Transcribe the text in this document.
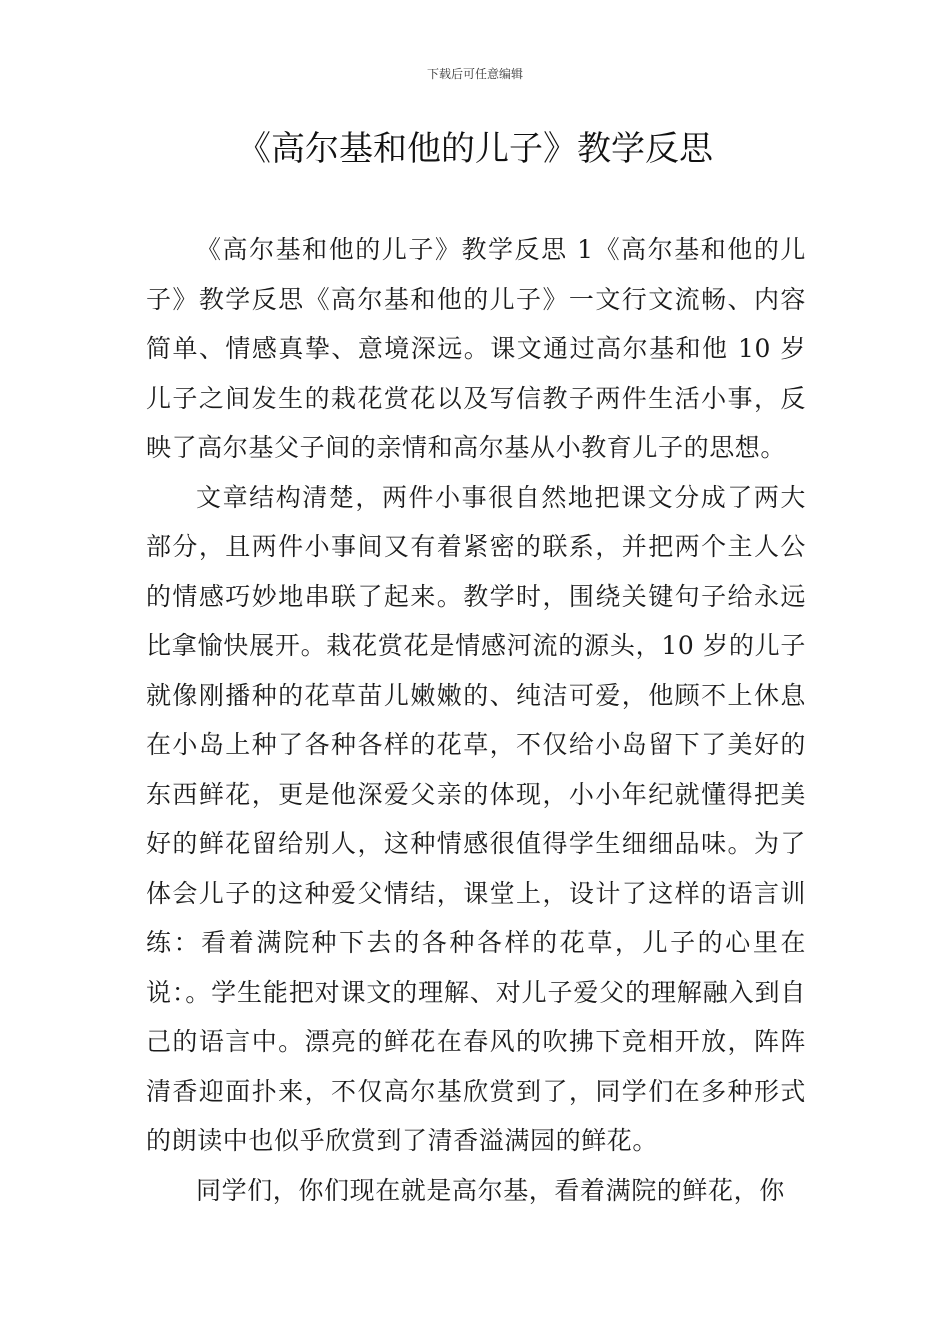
下载后可任意编辑
《高尔基和他的儿子》教学反思

《高尔基和他的儿子》教学反思 1《高尔基和他的儿子》教学反思《高尔基和他的儿子》一文行文流畅、内容简单、情感真挚、意境深远。课文通过高尔基和他 10 岁儿子之间发生的栽花赏花以及写信教子两件生活小事，反映了高尔基父子间的亲情和高尔基从小教育儿子的思想。

文章结构清楚，两件小事很自然地把课文分成了两大部分，且两件小事间又有着紧密的联系，并把两个主人公的情感巧妙地串联了起来。教学时，围绕关键句子给永远比拿愉快展开。栽花赏花是情感河流的源头，10 岁的儿子就像刚播种的花草苗儿嫩嫩的、纯洁可爱，他顾不上休息在小岛上种了各种各样的花草，不仅给小岛留下了美好的东西鲜花，更是他深爱父亲的体现，小小年纪就懂得把美好的鲜花留给别人，这种情感很值得学生细细品味。为了体会儿子的这种爱父情结，课堂上，设计了这样的语言训练：看着满院种下去的各种各样的花草，儿子的心里在说：。学生能把对课文的理解、对儿子爱父的理解融入到自己的语言中。漂亮的鲜花在春风的吹拂下竞相开放，阵阵清香迎面扑来，不仅高尔基欣赏到了，同学们在多种形式的朗读中也似乎欣赏到了清香溢满园的鲜花。

同学们，你们现在就是高尔基，看着满院的鲜花，你
